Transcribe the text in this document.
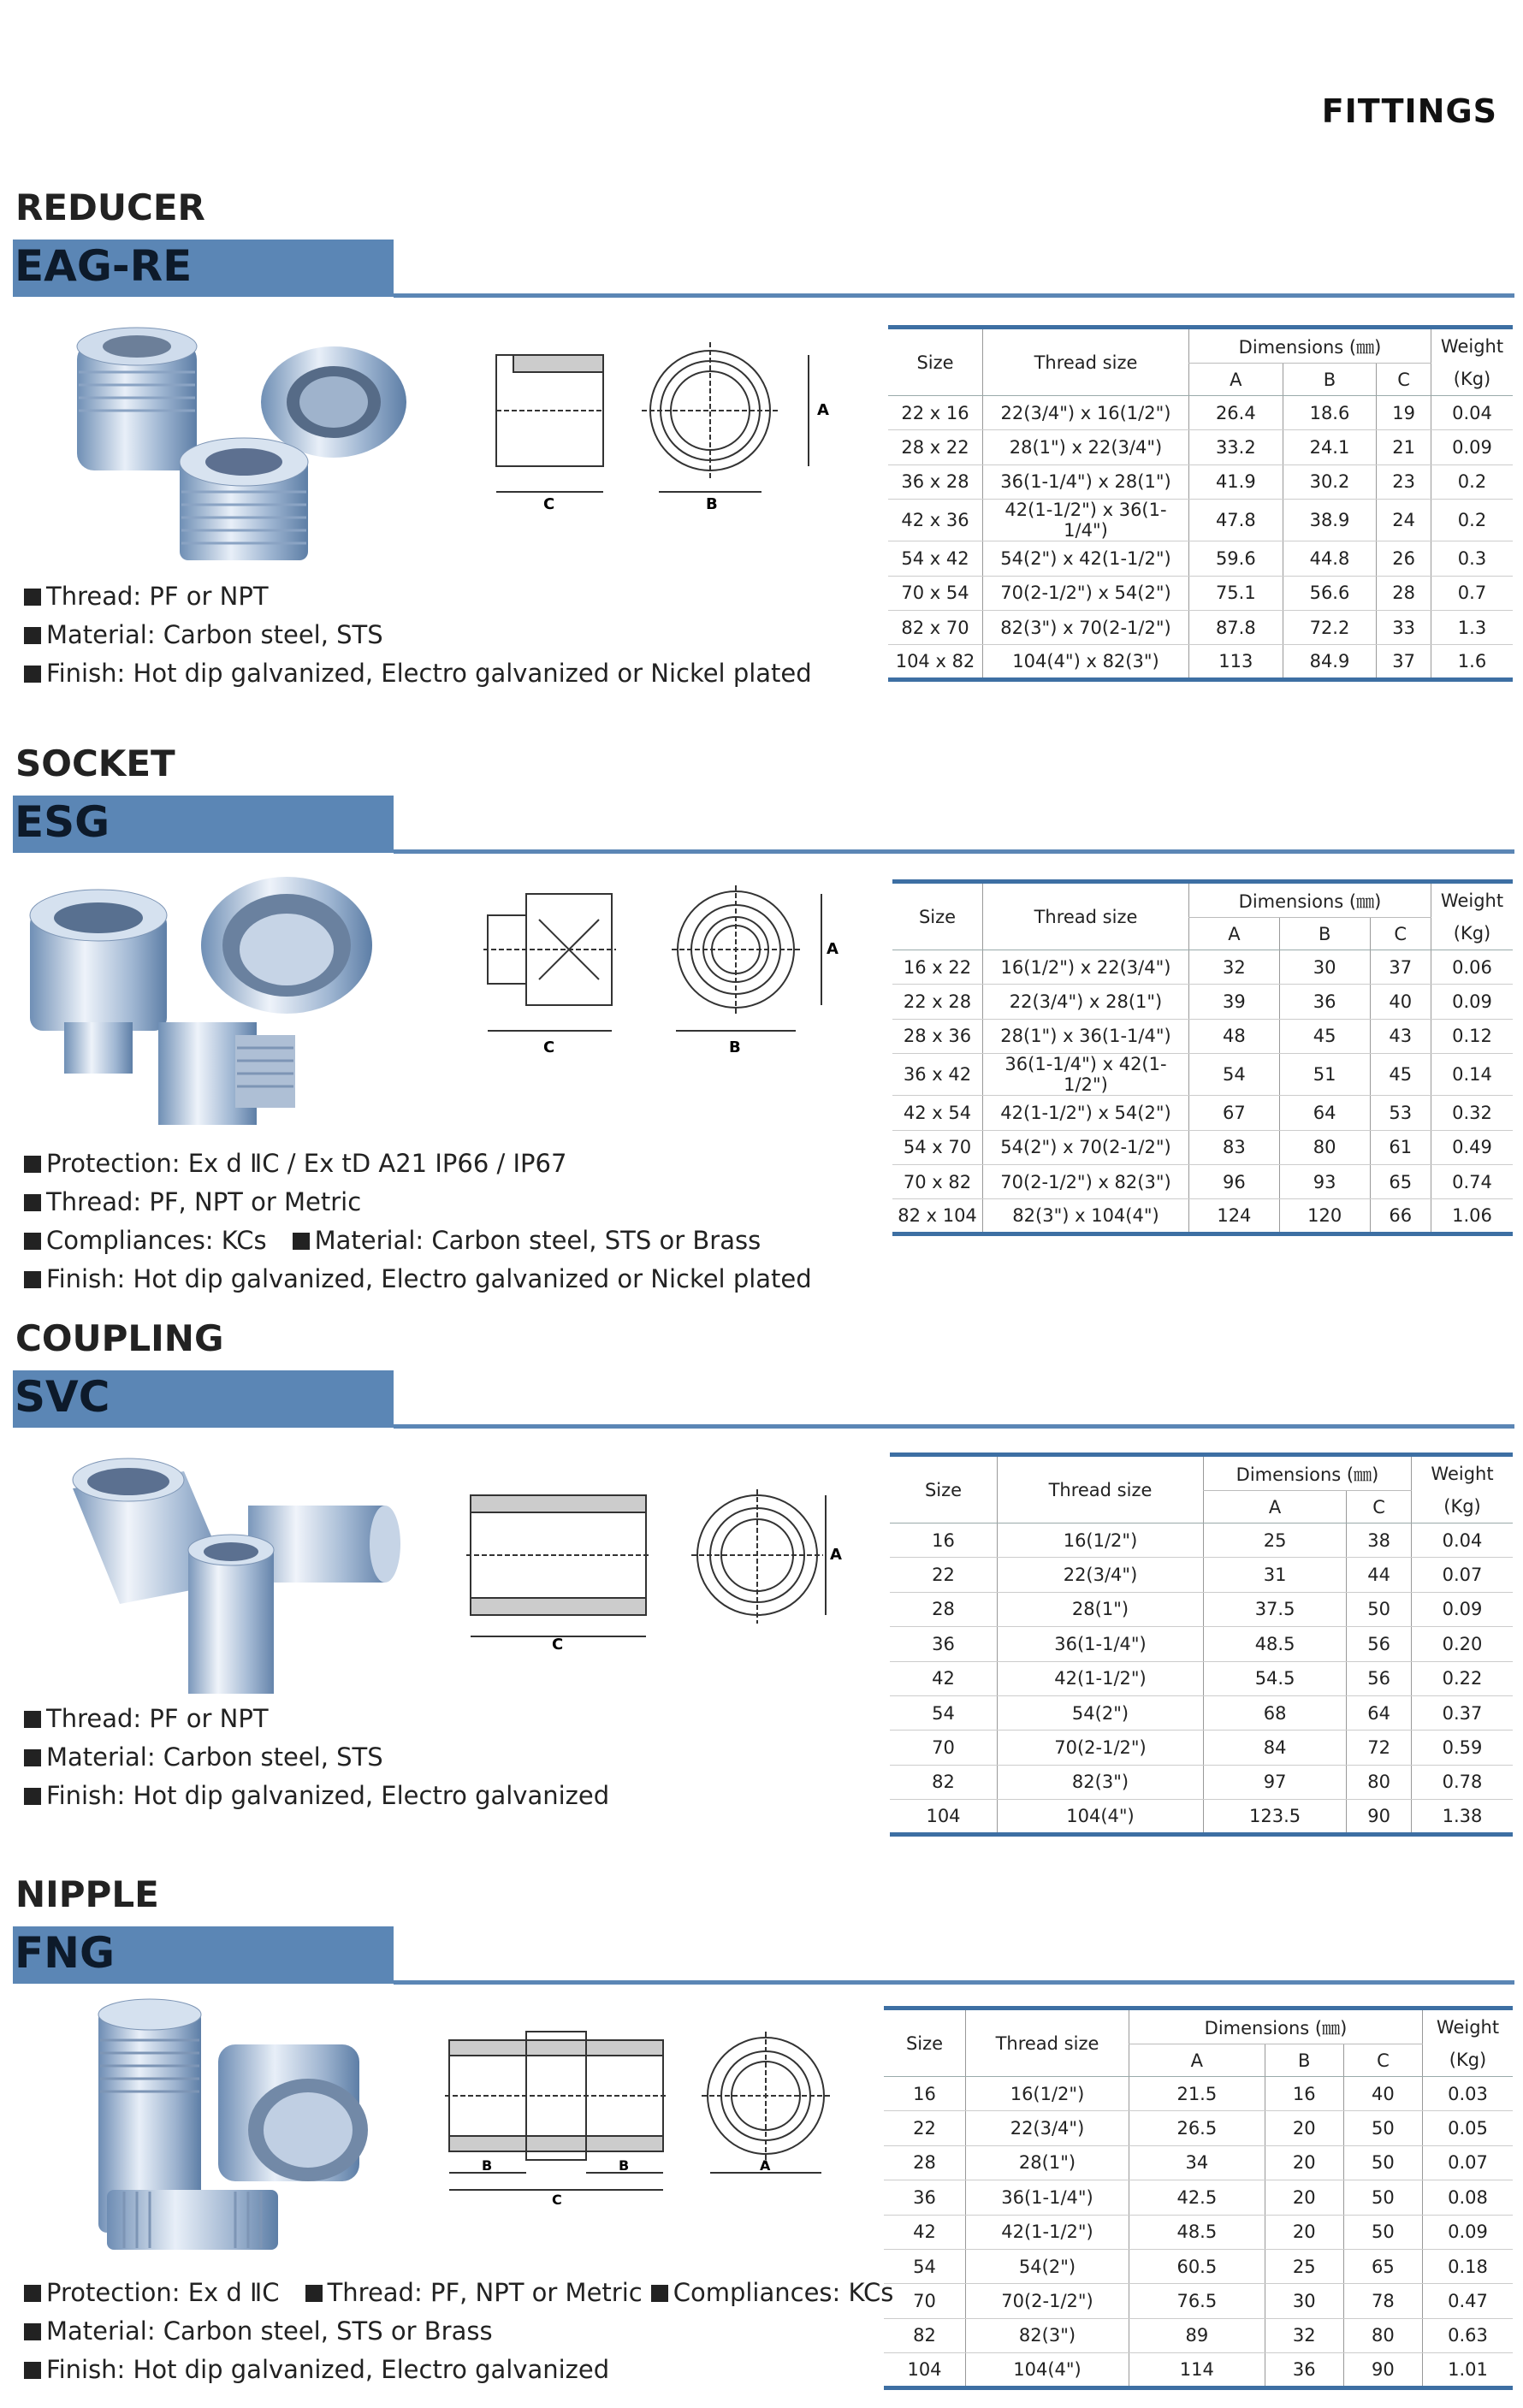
FITTINGS
REDUCER
EAG-RE
C	B
A
Thread: PF or NPT
Material: Carbon steel, STS
Finish: Hot dip galvanized, Electro galvanized or Nickel plated
Size	Thread size	Dimensions (㎜)			Weight
		A	B	C	(Kg)
22 x 16	22(3/4") x 16(1/2")	26.4	18.6	19	0.04
28 x 22	28(1") x 22(3/4")	33.2	24.1	21	0.09
36 x 28	36(1-1/4") x 28(1")	41.9	30.2	23	0.2
42 x 36	42(1-1/2") x 36(1-1/4")	47.8	38.9	24	0.2
54 x 42	54(2") x 42(1-1/2")	59.6	44.8	26	0.3
70 x 54	70(2-1/2") x 54(2")	75.1	56.6	28	0.7
82 x 70	82(3") x 70(2-1/2")	87.8	72.2	33	1.3
104 x 82	104(4") x 82(3")	113	84.9	37	1.6
SOCKET
ESG
C	B
A
Protection: Ex d ⅡC / Ex tD A21 IP66 / IP67
Thread: PF, NPT or Metric
Compliances: KCs Material: Carbon steel, STS or Brass
Finish: Hot dip galvanized, Electro galvanized or Nickel plated
Size	Thread size	Dimensions (㎜)			Weight
		A	B	C	(Kg)
16 x 22	16(1/2") x 22(3/4")	32	30	37	0.06
22 x 28	22(3/4") x 28(1")	39	36	40	0.09
28 x 36	28(1") x 36(1-1/4")	48	45	43	0.12
36 x 42	36(1-1/4") x 42(1-1/2")	54	51	45	0.14
42 x 54	42(1-1/2") x 54(2")	67	64	53	0.32
54 x 70	54(2") x 70(2-1/2")	83	80	61	0.49
70 x 82	70(2-1/2") x 82(3")	96	93	65	0.74
82 x 104	82(3") x 104(4")	124	120	66	1.06
COUPLING
SVC
C
A
Thread: PF or NPT
Material: Carbon steel, STS
Finish: Hot dip galvanized, Electro galvanized
Size	Thread size	Dimensions (㎜)		Weight
		A	C	(Kg)
16	16(1/2")	25	38	0.04
22	22(3/4")	31	44	0.07
28	28(1")	37.5	50	0.09
36	36(1-1/4")	48.5	56	0.20
42	42(1-1/2")	54.5	56	0.22
54	54(2")	68	64	0.37
70	70(2-1/2")	84	72	0.59
82	82(3")	97	80	0.78
104	104(4")	123.5	90	1.38
NIPPLE
FNG
B	B
C
A
Protection: Ex d ⅡC Thread: PF, NPT or Metric Compliances: KCs
Material: Carbon steel, STS or Brass
Finish: Hot dip galvanized, Electro galvanized
Size	Thread size	Dimensions (㎜)			Weight
		A	B	C	(Kg)
16	16(1/2")	21.5	16	40	0.03
22	22(3/4")	26.5	20	50	0.05
28	28(1")	34	20	50	0.07
36	36(1-1/4")	42.5	20	50	0.08
42	42(1-1/2")	48.5	20	50	0.09
54	54(2")	60.5	25	65	0.18
70	70(2-1/2")	76.5	30	78	0.47
82	82(3")	89	32	80	0.63
104	104(4")	114	36	90	1.01
